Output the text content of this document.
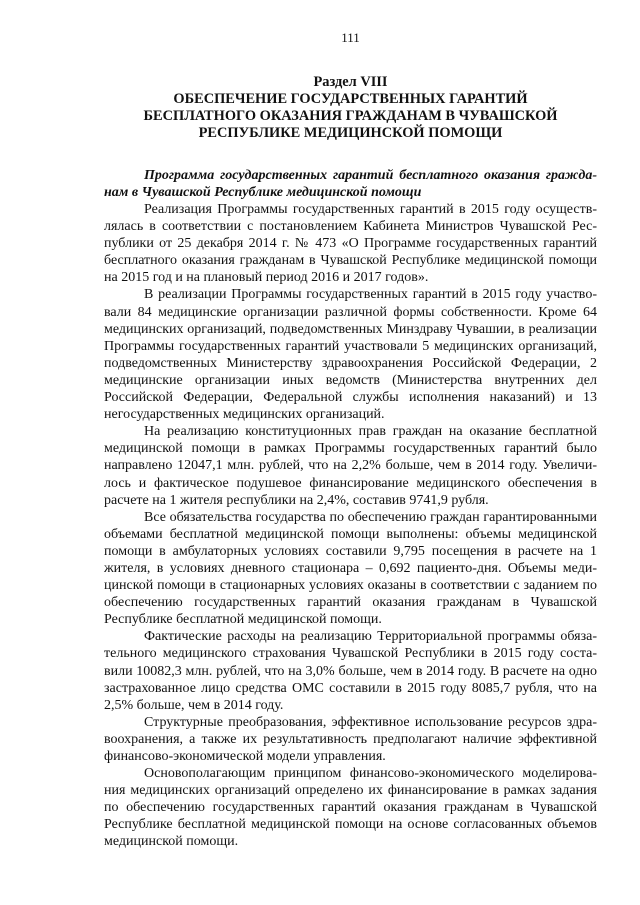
111
Раздел VIII
ОБЕСПЕЧЕНИЕ ГОСУДАРСТВЕННЫХ ГАРАНТИЙ
БЕСПЛАТНОГО ОКАЗАНИЯ ГРАЖДАНАМ В ЧУВАШСКОЙ
РЕСПУБЛИКЕ МЕДИЦИНСКОЙ ПОМОЩИ

Программа государственных гарантий бесплатного оказания граждaнам в Чувашской Республике медицинской помощи

Реализация Программы государственных гарантий в 2015 году осуществлялась в соответствии с постановлением Кабинета Министров Чувашской Республики от 25 декабря 2014 г. № 473 «О Программе государственных гарантий бесплатного оказания гражданам в Чувашской Республике медицинской помощи на 2015 год и на плановый период 2016 и 2017 годов».

В реализации Программы государственных гарантий в 2015 году участвовали 84 медицинские организации различной формы собственности. Кроме 64 медицинских организаций, подведомственных Минздраву Чувашии, в реализации Программы государственных гарантий участвовали 5 медицинских организаций, подведомственных Министерству здравоохранения Российской Федерации, 2 медицинские организации иных ведомств (Министерства внутренних дел Российской Федерации, Федеральной службы исполнения наказаний) и 13 негосударственных медицинских организаций.

На реализацию конституционных прав граждан на оказание бесплатной медицинской помощи в рамках Программы государственных гарантий было направлено 12047,1 млн. рублей, что на 2,2% больше, чем в 2014 году. Увеличилось и фактическое подушевое финансирование медицинского обеспечения в расчете на 1 жителя республики на 2,4%, составив 9741,9 рубля.

Все обязательства государства по обеспечению граждан гарантированными объемами бесплатной медицинской помощи выполнены: объемы медицинской помощи в амбулаторных условиях составили 9,795 посещения в расчете на 1 жителя, в условиях дневного стационара – 0,692 пациенто-дня. Объемы медицинской помощи в стационарных условиях оказаны в соответствии с заданием по обеспечению государственных гарантий оказания гражданам в Чувашской Республике бесплатной медицинской помощи.

Фактические расходы на реализацию Территориальной программы обязательного медицинского страхования Чувашской Республики в 2015 году составили 10082,3 млн. рублей, что на 3,0% больше, чем в 2014 году. В расчете на одно застрахованное лицо средства ОМС составили в 2015 году 8085,7 рубля, что на 2,5% больше, чем в 2014 году.

Структурные преобразования, эффективное использование ресурсов здравоохранения, а также их результативность предполагают наличие эффективной финансово-экономической модели управления.

Основополагающим принципом финансово-экономического моделирования медицинских организаций определено их финансирование в рамках задания по обеспечению государственных гарантий оказания гражданам в Чувашской Республике бесплатной медицинской помощи на основе согласованных объемов медицинской помощи.
